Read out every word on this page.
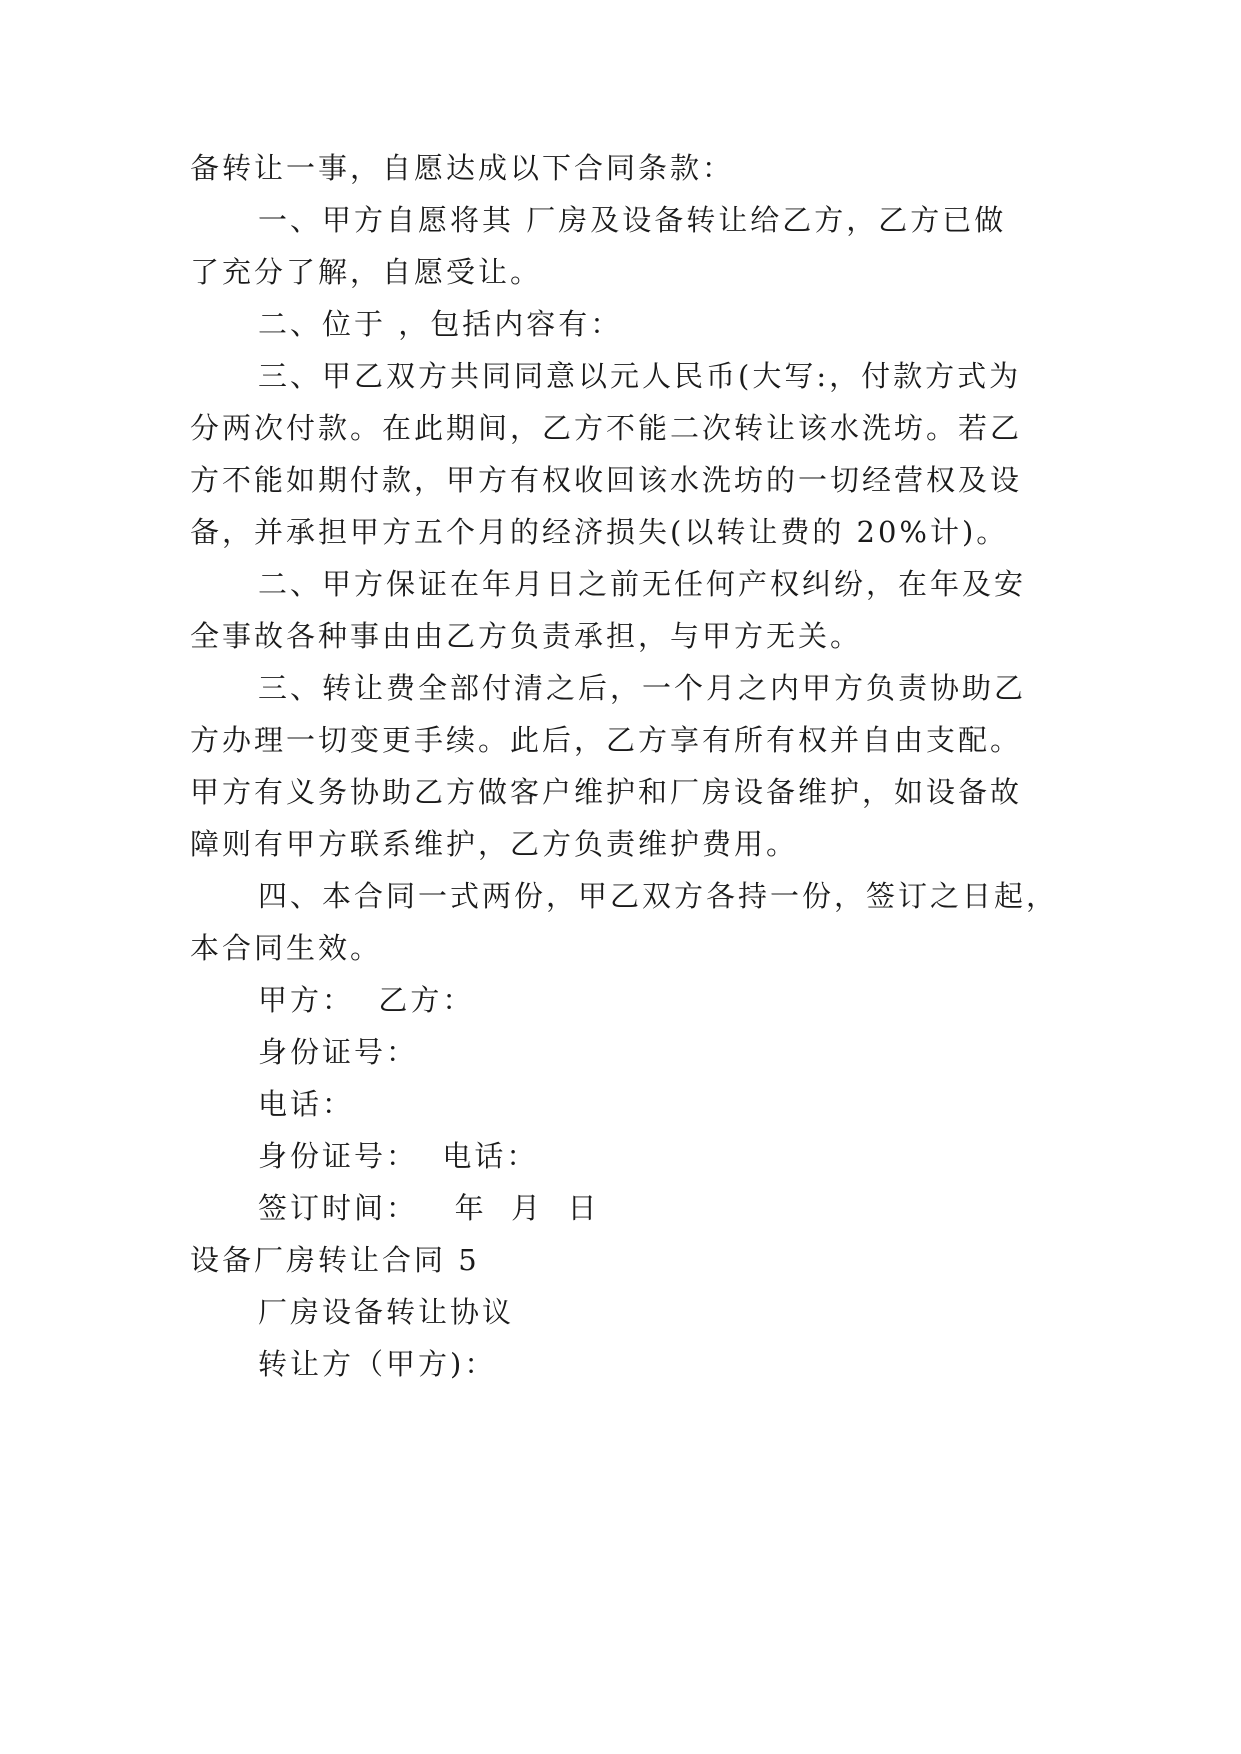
备转让一事，自愿达成以下合同条款：
一、甲方自愿将其 厂房及设备转让给乙方，乙方已做
了充分了解，自愿受让。
二、位于 ，包括内容有：
三、甲乙双方共同同意以元人民币(大写:，付款方式为
分两次付款。在此期间，乙方不能二次转让该水洗坊。若乙
方不能如期付款，甲方有权收回该水洗坊的一切经营权及设
备，并承担甲方五个月的经济损失(以转让费的 20%计)。
二、甲方保证在年月日之前无任何产权纠纷，在年及安
全事故各种事由由乙方负责承担，与甲方无关。
三、转让费全部付清之后，一个月之内甲方负责协助乙
方办理一切变更手续。此后，乙方享有所有权并自由支配。
甲方有义务协助乙方做客户维护和厂房设备维护，如设备故
障则有甲方联系维护，乙方负责维护费用。
四、本合同一式两份，甲乙双方各持一份，签订之日起，
本合同生效。
甲方：  乙方：
身份证号：
电话：
身份证号：  电话：
签订时间：   年  月  日
设备厂房转让合同 5
厂房设备转让协议
转让方（甲方)：
